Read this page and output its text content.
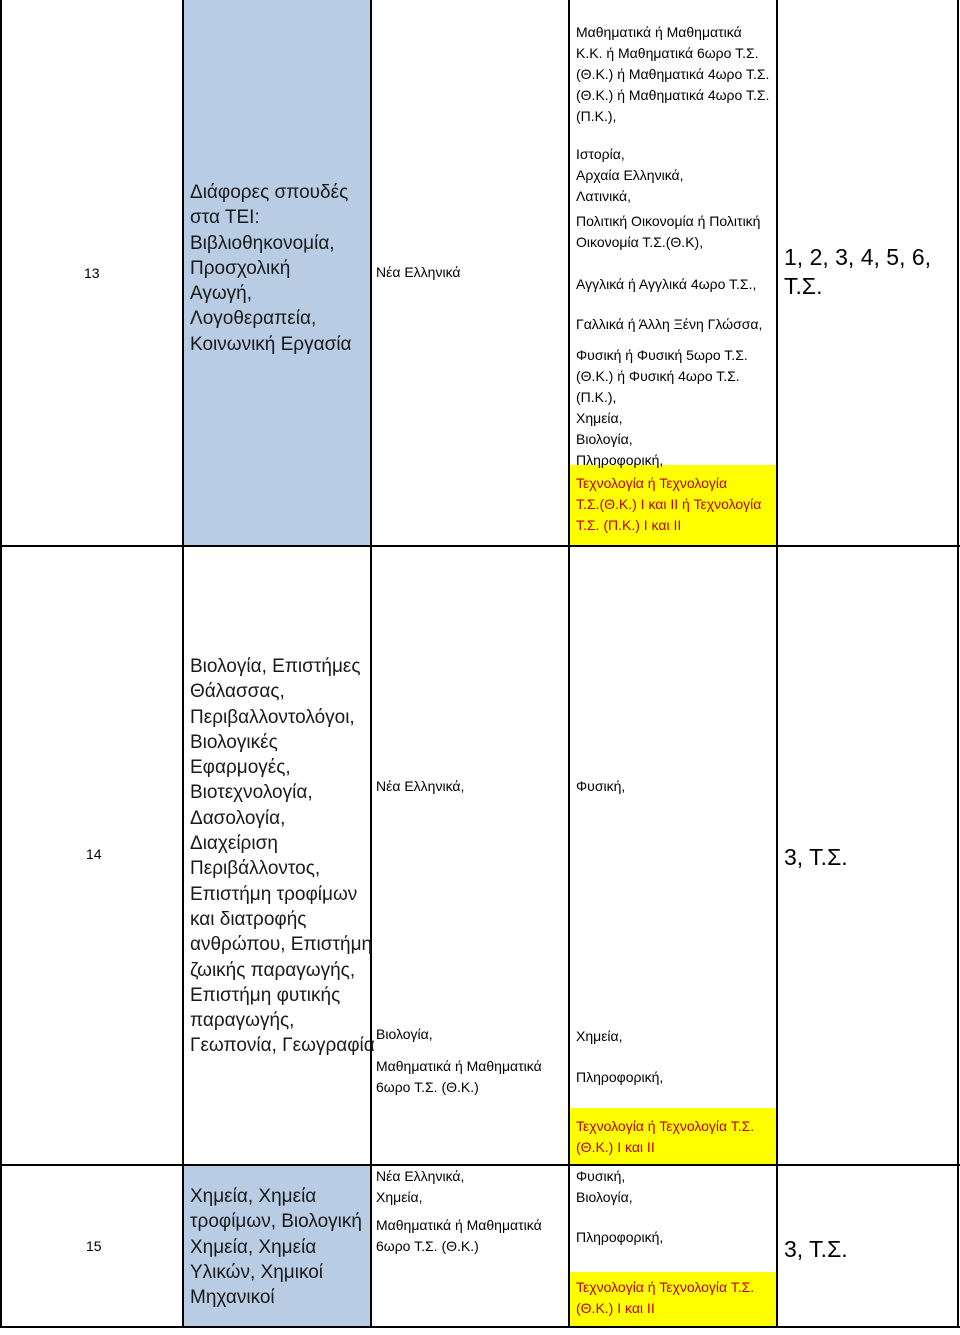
13

Διάφορες σπουδές
στα ΤΕΙ:
Βιβλιοθηκονομία,
Προσχολική
Αγωγή,
Λογοθεραπεία,
Κοινωνική Εργασία

Νέα Ελληνικά

Μαθηματικά ή Μαθηματικά
Κ.Κ. ή Μαθηματικά 6ωρο Τ.Σ.
(Θ.Κ.) ή Μαθηματικά 4ωρο Τ.Σ.
(Θ.Κ.) ή Μαθηματικά 4ωρο Τ.Σ.
(Π.Κ.),

Ιστορία,
Αρχαία Ελληνικά,
Λατινικά,

Πολιτική Οικονομία ή Πολιτική
Οικονομία Τ.Σ.(Θ.Κ),

Αγγλικά ή Αγγλικά 4ωρο Τ.Σ.,

Γαλλικά ή Άλλη Ξένη Γλώσσα,

Φυσική ή Φυσική 5ωρο Τ.Σ.
(Θ.Κ.) ή Φυσική 4ωρο Τ.Σ.
(Π.Κ.),
Χημεία,
Βιολογία,
Πληροφορική,

Τεχνολογία ή Τεχνολογία
Τ.Σ.(Θ.Κ.) Ι και ΙΙ ή Τεχνολογία
Τ.Σ. (Π.Κ.) Ι και ΙΙ

1, 2, 3, 4, 5, 6,
Τ.Σ.

14

Βιολογία, Επιστήμες
Θάλασσας,
Περιβαλλοντολόγοι,
Βιολογικές
Εφαρμογές,
Βιοτεχνολογία,
Δασολογία,
Διαχείριση
Περιβάλλοντος,
Επιστήμη τροφίμων
και διατροφής
ανθρώπου, Επιστήμη
ζωικής παραγωγής,
Επιστήμη φυτικής
παραγωγής,
Γεωπονία, Γεωγραφία

Νέα Ελληνικά,

Βιολογία,

Μαθηματικά ή Μαθηματικά
6ωρο Τ.Σ. (Θ.Κ.)

Φυσική,

Χημεία,

Πληροφορική,

Τεχνολογία ή Τεχνολογία Τ.Σ.
(Θ.Κ.) Ι και ΙΙ

3, Τ.Σ.

15

Χημεία, Χημεία
τροφίμων, Βιολογική
Χημεία, Χημεία
Υλικών, Χημικοί
Μηχανικοί

Νέα Ελληνικά,
Χημεία,

Μαθηματικά ή Μαθηματικά
6ωρο Τ.Σ. (Θ.Κ.)

Φυσική,
Βιολογία,

Πληροφορική,

Τεχνολογία ή Τεχνολογία Τ.Σ.
(Θ.Κ.) Ι και ΙΙ

3, Τ.Σ.
